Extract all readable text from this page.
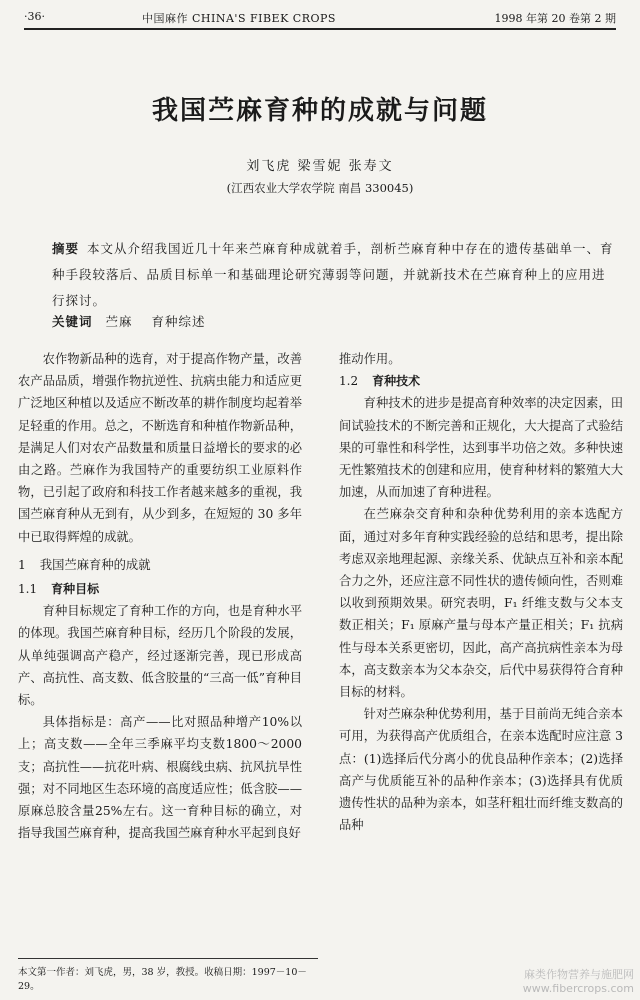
·36·	中国麻作 CHINA'S FIBEK CROPS	1998 年第 20 卷第 2 期
我国苎麻育种的成就与问题
刘飞虎 梁雪妮 张寿文
(江西农业大学农学院 南昌 330045)
摘要 本文从介绍我国近几十年来苎麻育种成就着手，剖析苎麻育种中存在的遗传基础单一、育种手段较落后、品质目标单一和基础理论研究薄弱等问题，并就新技术在苎麻育种上的应用进行探讨。
关键词 苎麻 育种综述

农作物新品种的选育，对于提高作物产量，改善农产品品质，增强作物抗逆性、抗病虫能力和适应更广泛地区种植以及适应不断改革的耕作制度均起着举足轻重的作用。总之，不断选育和种植作物新品种，是满足人们对农产品数量和质量日益增长的要求的必由之路。苎麻作为我国特产的重要纺织工业原料作物，已引起了政府和科技工作者越来越多的重视，我国苎麻育种从无到有，从少到多，在短短的 30 多年中已取得辉煌的成就。

1 我国苎麻育种的成就
1.1 育种目标

育种目标规定了育种工作的方向，也是育种水平的体现。我国苎麻育种目标，经历几个阶段的发展，从单纯强调高产稳产，经过逐渐完善，现已形成高产、高抗性、高支数、低含胶量的“三高一低”育种目标。

具体指标是：高产——比对照品种增产10%以上；高支数——全年三季麻平均支数1800～2000 支；高抗性——抗花叶病、根腐线虫病、抗风抗旱性强；对不同地区生态环境的高度适应性；低含胶——原麻总胶含量25%左右。这一育种目标的确立，对指导我国苎麻育种，提高我国苎麻育种水平起到良好

推动作用。

1.2 育种技术

育种技术的进步是提高育种效率的决定因素，田间试验技术的不断完善和正规化，大大提高了式验结果的可靠性和科学性，达到事半功倍之效。多种快速无性繁殖技术的创建和应用，使育种材料的繁殖大大加速，从而加速了育种进程。

在苎麻杂交育种和杂种优势利用的亲本选配方面，通过对多年育种实践经验的总结和思考，提出除考虑双亲地理起源、亲缘关系、优缺点互补和亲本配合力之外，还应注意不同性状的遗传倾向性，否则难以收到预期效果。研究表明，F₁ 纤维支数与父本支数正相关；F₁ 原麻产量与母本产量正相关；F₁ 抗病性与母本关系更密切，因此，高产高抗病性亲本为母本，高支数亲本为父本杂交，后代中易获得符合育种目标的材料。

针对苎麻杂种优势利用，基于目前尚无纯合亲本可用，为获得高产优质组合，在亲本选配时应注意 3 点：(1)选择后代分离小的优良品种作亲本；(2)选择高产与优质能互补的品种作亲本；(3)选择具有优质遗传性状的品种为亲本，如茎秆粗壮而纤维支数高的品种

本文第一作者：刘飞虎，男，38 岁，教授。收稿日期：1997－10－29。
麻类作物营养与施肥网
www.fibercrops.com
